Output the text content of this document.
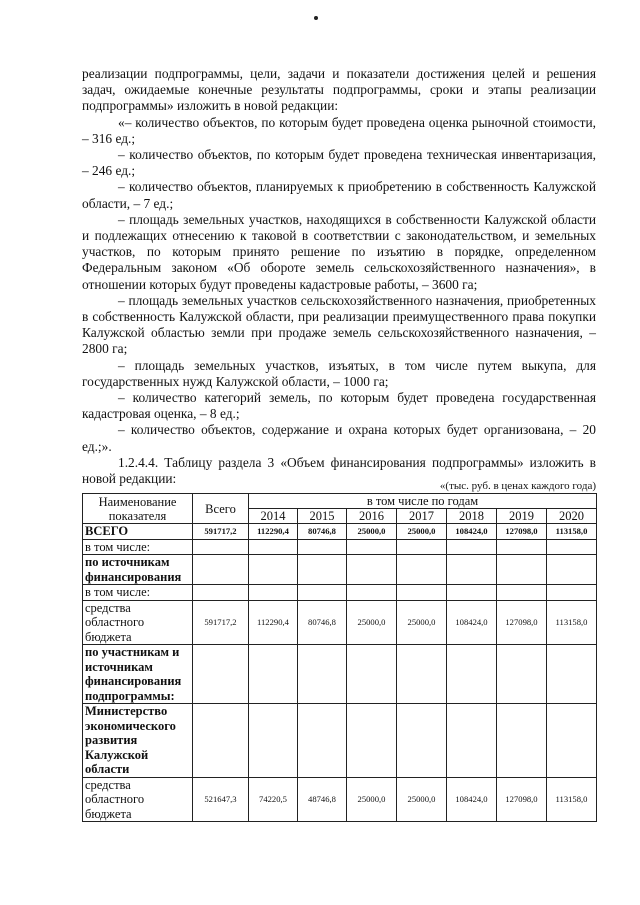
реализации подпрограммы, цели, задачи и показатели достижения целей и решения задач, ожидаемые конечные результаты подпрограммы, сроки и этапы реализации подпрограммы» изложить в новой редакции:

«– количество объектов, по которым будет проведена оценка рыночной стоимости, – 316 ед.;

– количество объектов, по которым будет проведена техническая инвентаризация, – 246 ед.;

– количество объектов, планируемых к приобретению в собственность Калужской области, – 7 ед.;

– площадь земельных участков, находящихся в собственности Калужской области и подлежащих отнесению к таковой в соответствии с законодательством, и земельных участков, по которым принято решение по изъятию в порядке, определенном Федеральным законом «Об обороте земель сельскохозяйственного назначения», в отношении которых будут проведены кадастровые работы, – 3600 га;

– площадь земельных участков сельскохозяйственного назначения, приобретенных в собственность Калужской области, при реализации преимущественного права покупки Калужской областью земли при продаже земель сельскохозяйственного назначения, – 2800 га;

– площадь земельных участков, изъятых, в том числе путем выкупа, для государственных нужд Калужской области, – 1000 га;

– количество категорий земель, по которым будет проведена государственная кадастровая оценка, – 8 ед.;

– количество объектов, содержание и охрана которых будет организована, – 20 ед.;».

1.2.4.4. Таблицу раздела 3 «Объем финансирования подпрограммы» изложить в новой редакции:	«(тыс. руб. в ценах каждого года)
Наименование показателя	Всего	в том числе по годам						
		2014	2015	2016	2017	2018	2019	2020
ВСЕГО	591717,2	112290,4	80746,8	25000,0	25000,0	108424,0	127098,0	113158,0
в том числе:								
по источникам финансирования								
в том числе:								
средства областного бюджета	591717,2	112290,4	80746,8	25000,0	25000,0	108424,0	127098,0	113158,0
по участникам и источникам финансирования подпрограммы:								
Министерство экономического развития Калужской области								
средства областного бюджета	521647,3	74220,5	48746,8	25000,0	25000,0	108424,0	127098,0	113158,0
